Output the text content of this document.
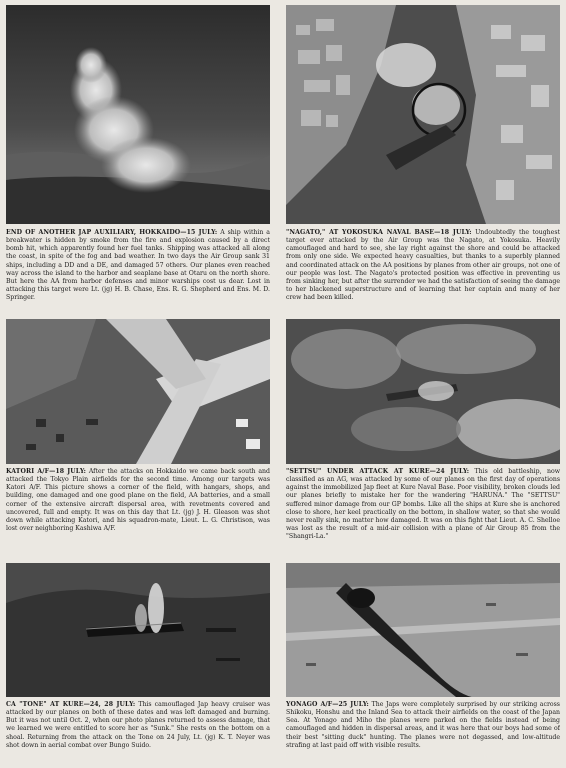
END OF ANOTHER JAP AUXILIARY, HOKKAIDO—15 JULY: A ship within a breakwater is hidden by smoke from the fire and explosion caused by a direct bomb hit, which apparently found her fuel tanks. Shipping was attacked all along the coast, in spite of the fog and bad weather. In two days the Air Group sank 31 ships, including a DD and a DE, and damaged 57 others. Our planes even reached way across the island to the harbor and seaplane base at Otaru on the north shore. But here the AA from harbor defenses and minor warships cost us dear. Lost in attacking this target were Lt. (jg) H. B. Chase, Ens. R. G. Shepherd and Ens. M. D. Springer.

"NAGATO," AT YOKOSUKA NAVAL BASE—18 JULY: Undoubtedly the toughest target ever attacked by the Air Group was the Nagato, at Yokosuka. Heavily camouflaged and hard to see, she lay right against the shore and could be attacked from only one side. We expected heavy casualties, but thanks to a superbly planned and coordinated attack on the AA positions by planes from other air groups, not one of our people was lost. The Nagato's protected position was effective in preventing us from sinking her, but after the surrender we had the satisfaction of seeing the damage to her blackened superstructure and of learning that her captain and many of her crew had been killed.

KATORI A/F—18 JULY: After the attacks on Hokkaido we came back south and attacked the Tokyo Plain airfields for the second time. Among our targets was Katori A/F. This picture shows a corner of the field, with hangars, shops, and building, one damaged and one good plane on the field, AA batteries, and a small corner of the extensive aircraft dispersal area, with revetments covered and uncovered, full and empty. It was on this day that Lt. (jg) J. H. Gleason was shot down while attacking Katori, and his squadron-mate, Lieut. L. G. Christison, was lost over neighboring Kashiwa A/F.

"SETTSU" UNDER ATTACK AT KURE—24 JULY: This old battleship, now classified as an AG, was attacked by some of our planes on the first day of operations against the immobilized Jap fleet at Kure Naval Base. Poor visibility, broken clouds led our planes briefly to mistake her for the wandering "HARUNA." The "SETTSU" suffered minor damage from our GP bombs. Like all the ships at Kure she is anchored close to shore, her keel practically on the bottom, in shallow water, so that she would never really sink, no matter how damaged. It was on this fight that Lieut. A. C. Shelloe was lost as the result of a mid-air collision with a plane of Air Group 85 from the "Shangri-La."

CA "TONE" AT KURE—24, 28 JULY: This camouflaged Jap heavy cruiser was attacked by our planes on both of these dates and was left damaged and burning. But it was not until Oct. 2, when our photo planes returned to assess damage, that we learned we were entitled to score her as "Sunk." She rests on the bottom on a shoal. Returning from the attack on the Tone on 24 July, Lt. (jg) K. T. Neyer was shot down in aerial combat over Bungo Suido.

YONAGO A/F—25 JULY: The Japs were completely surprised by our striking across Shikoku, Honshu and the Inland Sea to attack their airfields on the coast of the Japan Sea. At Yonago and Miho the planes were parked on the fields instead of being camouflaged and hidden in dispersal areas, and it was here that our boys had some of their best "sitting duck" hunting. The planes were not degassed, and low-altitude strafing at last paid off with visible results.
